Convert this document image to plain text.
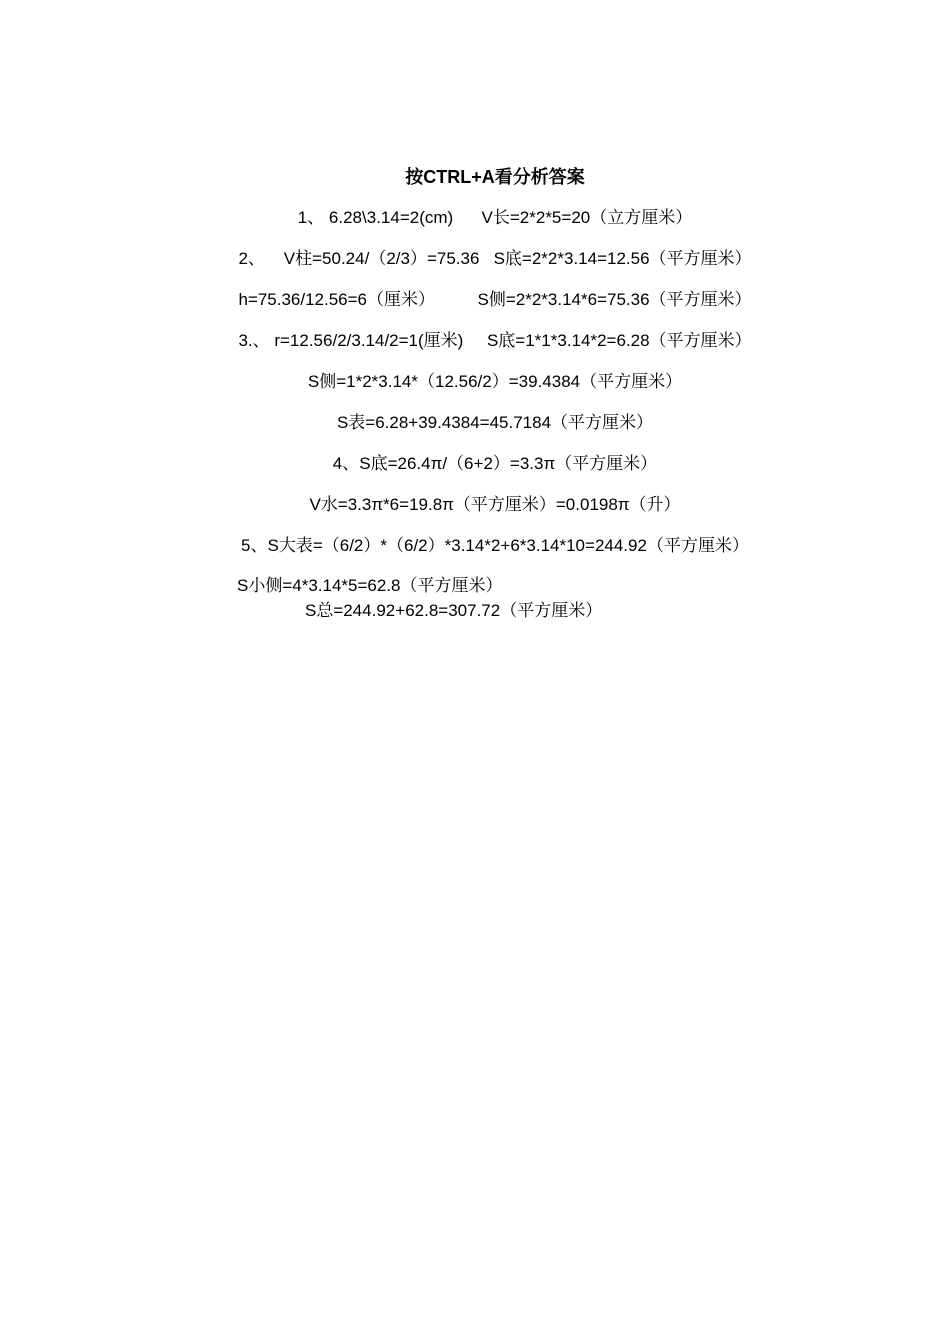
按CTRL+A看分析答案
1、 6.28\3.14=2(cm)      V长=2*2*5=20（立方厘米）
2、    V柱=50.24/（2/3）=75.36   S底=2*2*3.14=12.56（平方厘米）
h=75.36/12.56=6（厘米）         S侧=2*2*3.14*6=75.36（平方厘米）
3.、 r=12.56/2/3.14/2=1(厘米)     S底=1*1*3.14*2=6.28（平方厘米）
S侧=1*2*3.14*（12.56/2）=39.4384（平方厘米）
S表=6.28+39.4384=45.7184（平方厘米）
4、S底=26.4π/（6+2）=3.3π（平方厘米）
V水=3.3π*6=19.8π（平方厘米）=0.0198π（升）
5、S大表=（6/2）*（6/2）*3.14*2+6*3.14*10=244.92（平方厘米）
S小侧=4*3.14*5=62.8（平方厘米）
S总=244.92+62.8=307.72（平方厘米）
